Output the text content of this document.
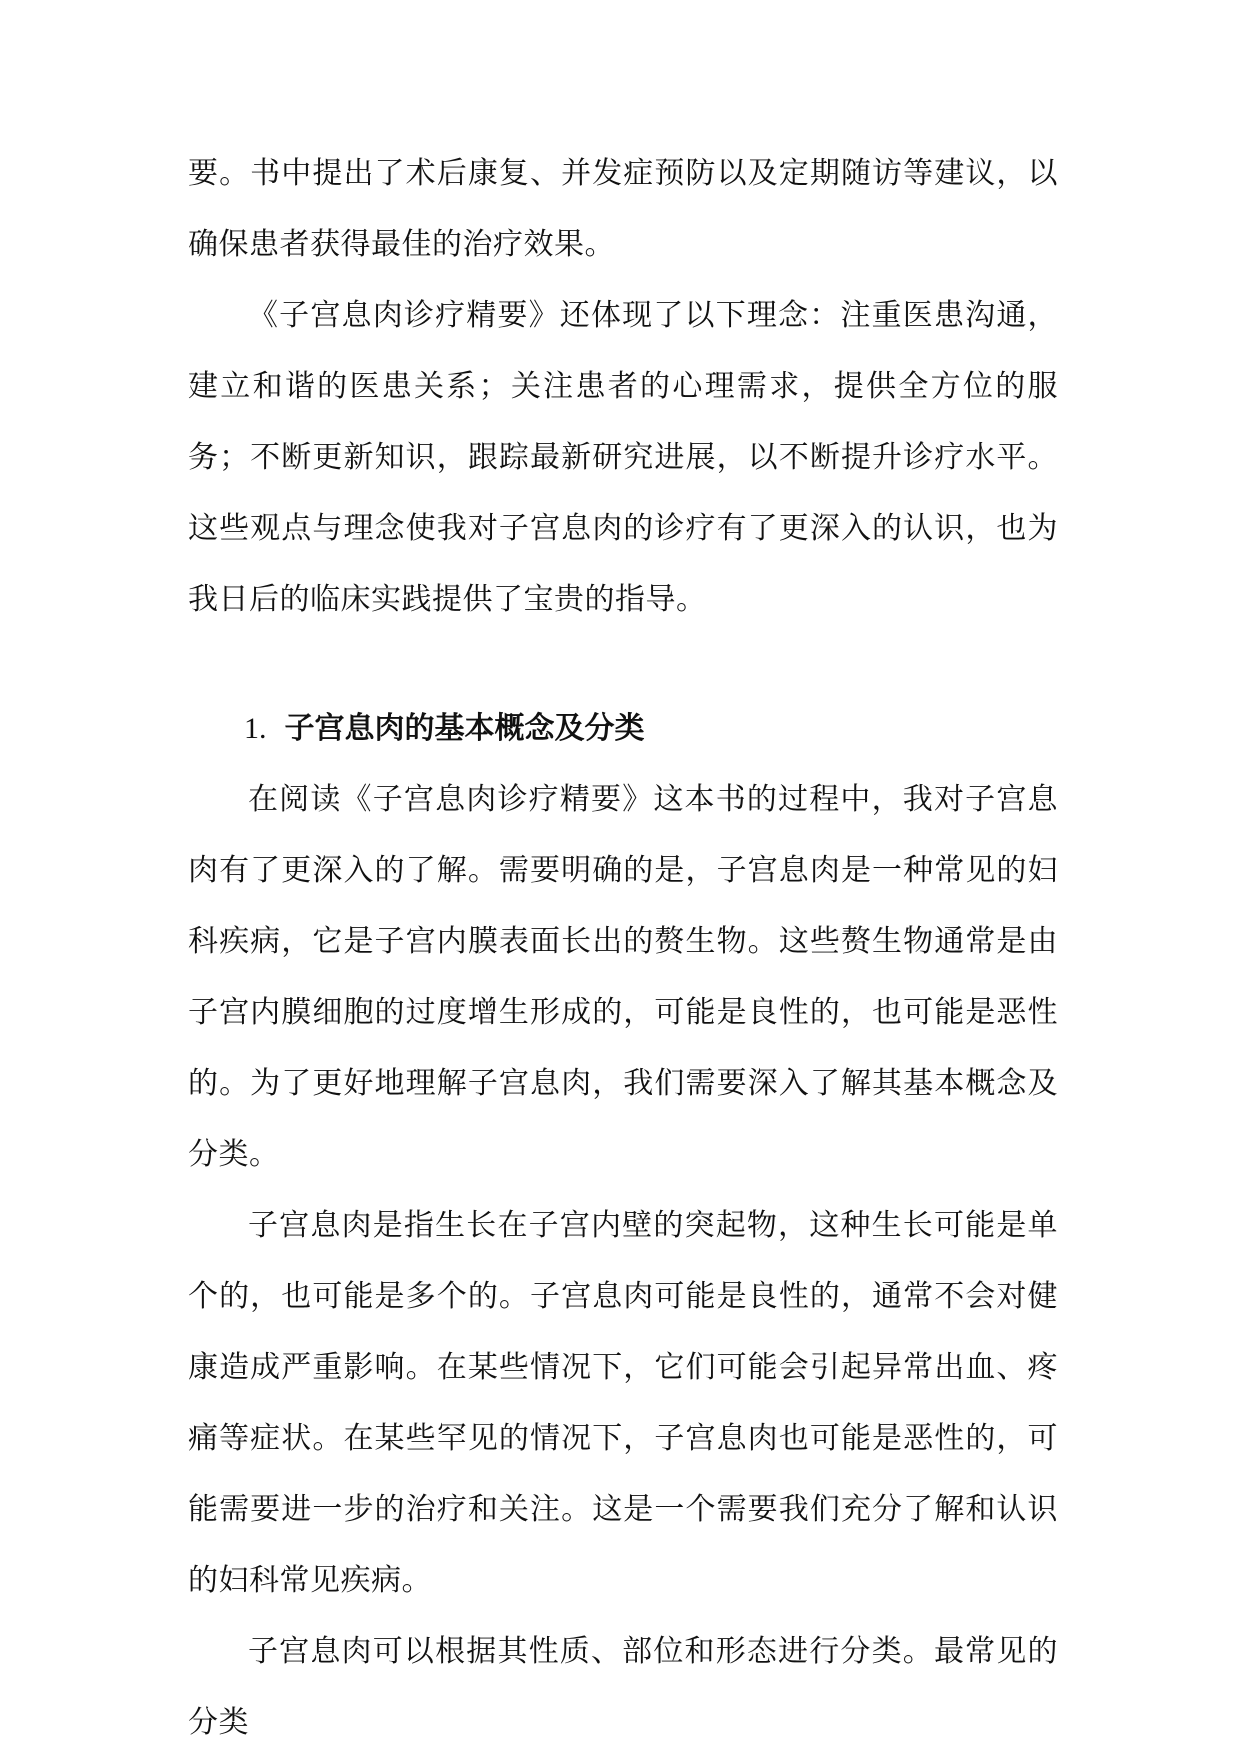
要。书中提出了术后康复、并发症预防以及定期随访等建议，以确保患者获得最佳的治疗效果。

《子宫息肉诊疗精要》还体现了以下理念：注重医患沟通，建立和谐的医患关系；关注患者的心理需求，提供全方位的服务；不断更新知识，跟踪最新研究进展，以不断提升诊疗水平。这些观点与理念使我对子宫息肉的诊疗有了更深入的认识，也为我日后的临床实践提供了宝贵的指导。

1. 子宫息肉的基本概念及分类

在阅读《子宫息肉诊疗精要》这本书的过程中，我对子宫息肉有了更深入的了解。需要明确的是，子宫息肉是一种常见的妇科疾病，它是子宫内膜表面长出的赘生物。这些赘生物通常是由子宫内膜细胞的过度增生形成的，可能是良性的，也可能是恶性的。为了更好地理解子宫息肉，我们需要深入了解其基本概念及分类。

子宫息肉是指生长在子宫内壁的突起物，这种生长可能是单个的，也可能是多个的。子宫息肉可能是良性的，通常不会对健康造成严重影响。在某些情况下，它们可能会引起异常出血、疼痛等症状。在某些罕见的情况下，子宫息肉也可能是恶性的，可能需要进一步的治疗和关注。这是一个需要我们充分了解和认识的妇科常见疾病。

子宫息肉可以根据其性质、部位和形态进行分类。最常见的分类
